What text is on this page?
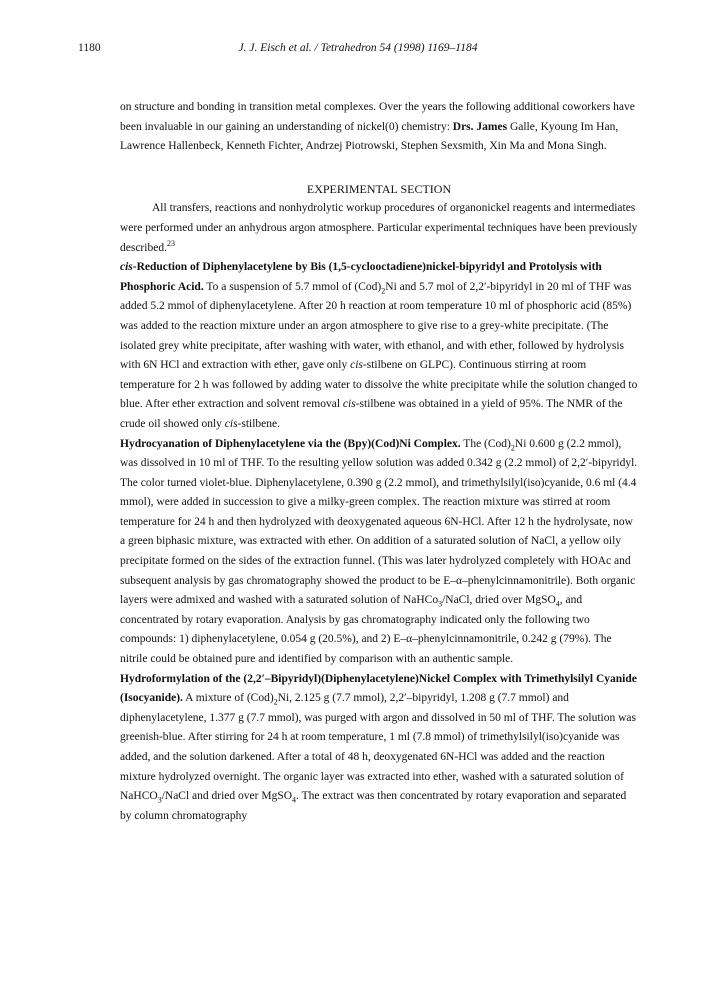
1180	J. J. Eisch et al. / Tetrahedron 54 (1998) 1169–1184

on structure and bonding in transition metal complexes. Over the years the following additional coworkers have been invaluable in our gaining an understanding of nickel(0) chemistry: Drs. James Galle, Kyoung Im Han, Lawrence Hallenbeck, Kenneth Fichter, Andrzej Piotrowski, Stephen Sexsmith, Xin Ma and Mona Singh.

EXPERIMENTAL SECTION

All transfers, reactions and nonhydrolytic workup procedures of organonickel reagents and intermediates were performed under an anhydrous argon atmosphere. Particular experimental techniques have been previously described.$^{23}$

cis-Reduction of Diphenylacetylene by Bis (1,5-cyclooctadiene)nickel-bipyridyl and Protolysis with Phosphoric Acid. To a suspension of 5.7 mmol of $(Cod)_2Ni$ and 5.7 mol of 2,2′-bipyridyl in 20 ml of THF was added 5.2 mmol of diphenylacetylene. After 20 h reaction at room temperature 10 ml of phosphoric acid (85%) was added to the reaction mixture under an argon atmosphere to give rise to a grey-white precipitate. (The isolated grey white precipitate, after washing with water, with ethanol, and with ether, followed by hydrolysis with 6N HCl and extraction with ether, gave only cis-stilbene on GLPC). Continuous stirring at room temperature for 2 h was followed by adding water to dissolve the white precipitate while the solution changed to blue. After ether extraction and solvent removal cis-stilbene was obtained in a yield of 95%. The NMR of the crude oil showed only cis-stilbene.

Hydrocyanation of Diphenylacetylene via the (Bpy)(Cod)Ni Complex. The $(Cod)_2Ni$ 0.600 g (2.2 mmol), was dissolved in 10 ml of THF. To the resulting yellow solution was added 0.342 g (2.2 mmol) of 2,2′-bipyridyl. The color turned violet-blue. Diphenylacetylene, 0.390 g (2.2 mmol), and trimethylsilyl(iso)cyanide, 0.6 ml (4.4 mmol), were added in succession to give a milky-green complex. The reaction mixture was stirred at room temperature for 24 h and then hydrolyzed with deoxygenated aqueous 6N-HCl. After 12 h the hydrolysate, now a green biphasic mixture, was extracted with ether. On addition of a saturated solution of NaCl, a yellow oily precipitate formed on the sides of the extraction funnel. (This was later hydrolyzed completely with HOAc and subsequent analysis by gas chromatography showed the product to be E–α–phenylcinnamonitrile). Both organic layers were admixed and washed with a saturated solution of NaHCo$_3$/NaCl, dried over MgSO$_4$, and concentrated by rotary evaporation. Analysis by gas chromatography indicated only the following two compounds: 1) diphenylacetylene, 0.054 g (20.5%), and 2) E–α–phenylcinnamonitrile, 0.242 g (79%). The nitrile could be obtained pure and identified by comparison with an authentic sample.

Hydroformylation of the (2,2′–Bipyridyl)(Diphenylacetylene)Nickel Complex with Trimethylsilyl Cyanide (Isocyanide). A mixture of $(Cod)_2Ni$, 2.125 g (7.7 mmol), 2,2′–bipyridyl, 1.208 g (7.7 mmol) and diphenylacetylene, 1.377 g (7.7 mmol), was purged with argon and dissolved in 50 ml of THF. The solution was greenish-blue. After stirring for 24 h at room temperature, 1 ml (7.8 mmol) of trimethylsilyl(iso)cyanide was added, and the solution darkened. After a total of 48 h, deoxygenated 6N-HCl was added and the reaction mixture hydrolyzed overnight. The organic layer was extracted into ether, washed with a saturated solution of NaHCO$_3$/NaCl and dried over MgSO$_4$. The extract was then concentrated by rotary evaporation and separated by column chromatography
